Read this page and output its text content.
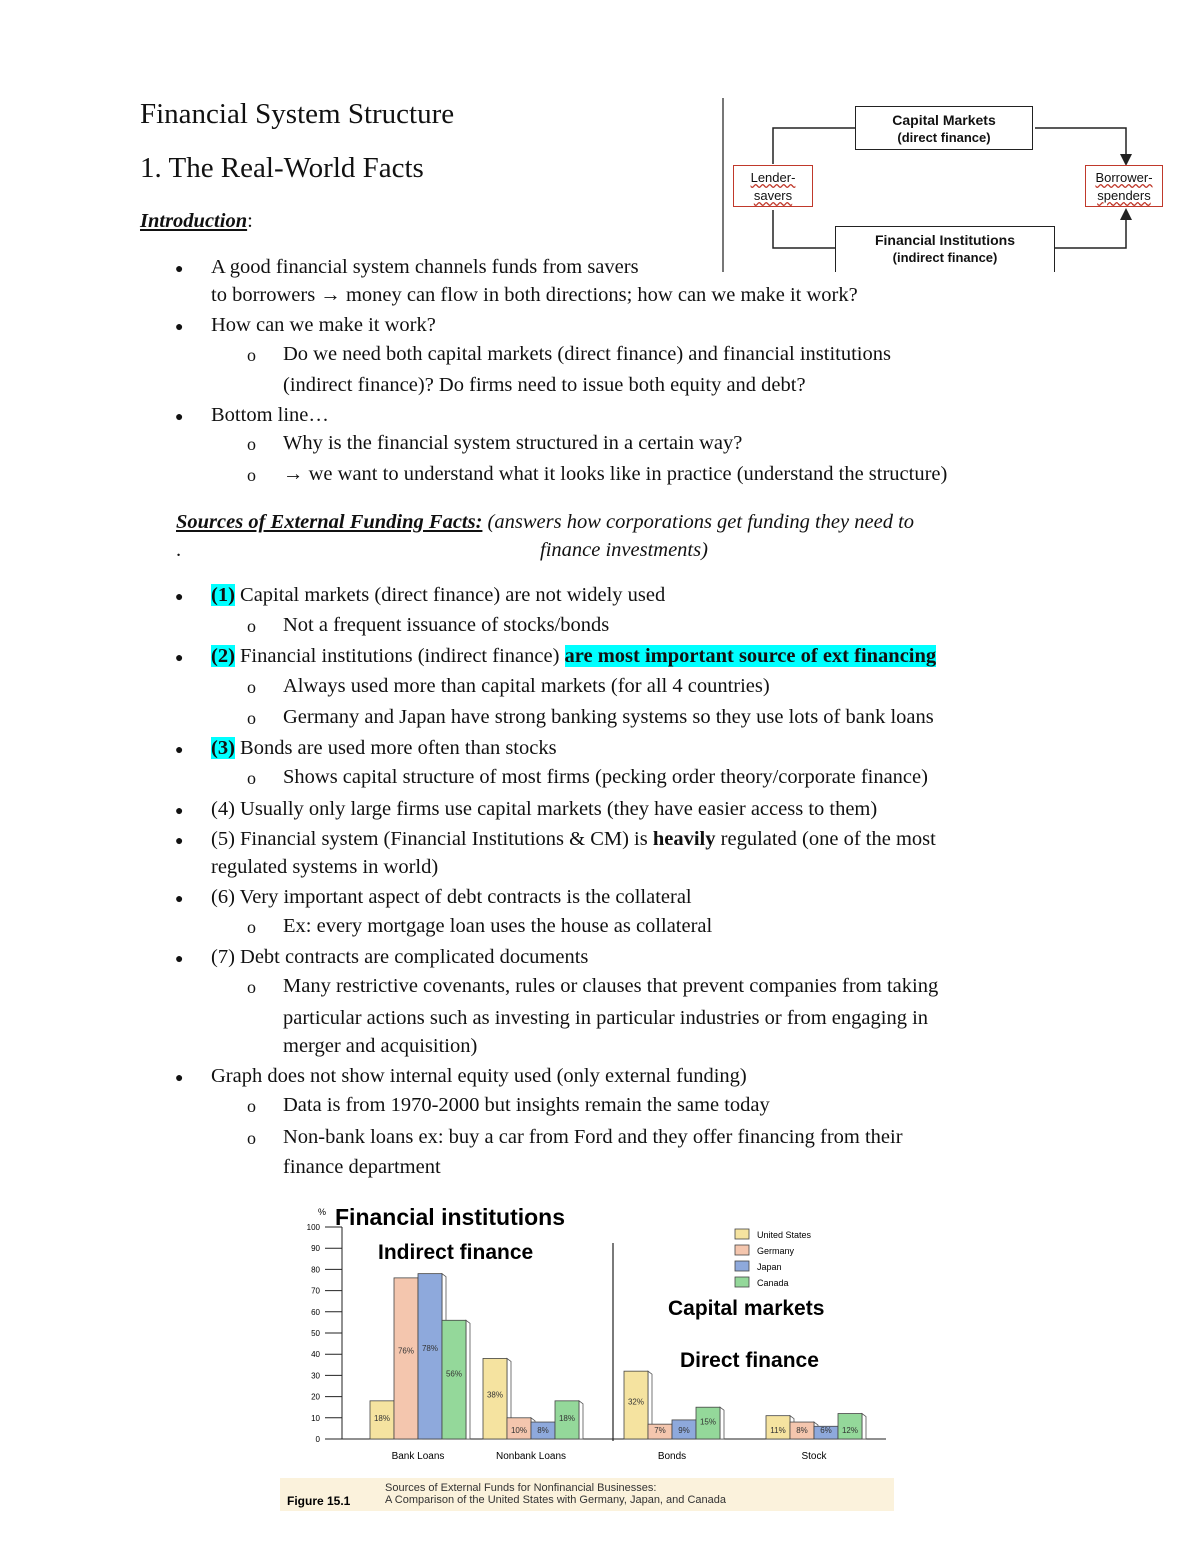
Financial System Structure
1. The Real-World Facts
Introduction:
Capital Markets
(direct finance)
Lender-
savers
Borrower-
spenders
Financial Institutions
(indirect finance)
● A good financial system channels funds from savers
to borrowers → money can flow in both directions; how can we make it work?
● How can we make it work?
o Do we need both capital markets (direct finance) and financial institutions
(indirect finance)? Do firms need to issue both equity and debt?
● Bottom line…
o Why is the financial system structured in a certain way?
o → we want to understand what it looks like in practice (understand the structure)
Sources of External Funding Facts: (answers how corporations get funding they need to
.	finance investments)
● (1) Capital markets (direct finance) are not widely used
o Not a frequent issuance of stocks/bonds
● (2) Financial institutions (indirect finance) are most important source of ext financing
o Always used more than capital markets (for all 4 countries)
o Germany and Japan have strong banking systems so they use lots of bank loans
● (3) Bonds are used more often than stocks
o Shows capital structure of most firms (pecking order theory/corporate finance)
● (4) Usually only large firms use capital markets (they have easier access to them)
● (5) Financial system (Financial Institutions & CM) is heavily regulated (one of the most
regulated systems in world)
● (6) Very important aspect of debt contracts is the collateral
o Ex: every mortgage loan uses the house as collateral
● (7) Debt contracts are complicated documents
o Many restrictive covenants, rules or clauses that prevent companies from taking
particular actions such as investing in particular industries or from engaging in
merger and acquisition)
● Graph does not show internal equity used (only external funding)
o Data is from 1970-2000 but insights remain the same today
o Non-bank loans ex: buy a car from Ford and they offer financing from their
finance department
Financial institutions
Indirect finance
Capital markets
Direct finance
%
Figure 15.1
Sources of External Funds for Nonfinancial Businesses:
A Comparison of the United States with Germany, Japan, and Canada
100
90
80
70
60
50
40
30
20
10
0
18%
76% 78%
56%
Bank Loans
38%
10% 8%
18%
Nonbank Loans
32%
7% 9%
15%
Bonds
11% 8% 6% 12%
Stock
United States
Germany
Japan
Canada
